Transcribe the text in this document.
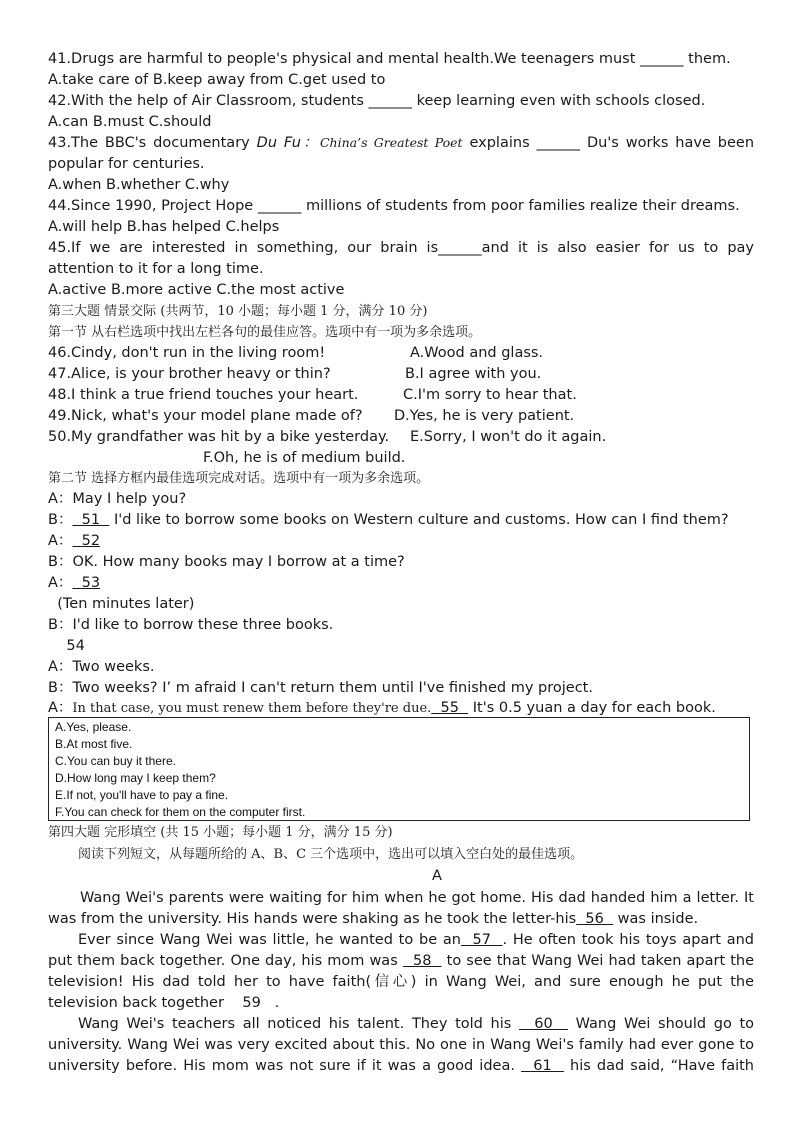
41.Drugs are harmful to people's physical and mental health.We teenagers must ______ them.
A.take care of B.keep away from C.get used to
42.With the help of Air Classroom, students ______ keep learning even with schools closed.
A.can B.must C.should
43.The BBC's documentary Du Fu：China’s Greatest Poet explains ______ Du's works have been
popular for centuries.
A.when B.whether C.why
44.Since 1990, Project Hope ______ millions of students from poor families realize their dreams.
A.will help B.has helped C.helps
45.If we are interested in something, our brain is______and it is also easier for us to pay
attention to it for a long time.
A.active B.more active C.the most active
第三大题 情景交际 (共两节，10 小题；每小题 1 分，满分 10 分)
第一节 从右栏选项中找出左栏各句的最佳应答。选项中有一项为多余选项。
46.Cindy, don't run in the living room!	A.Wood and glass.
47.Alice, is your brother heavy or thin?	B.I agree with you.
48.I think a true friend touches your heart.	C.I'm sorry to hear that.
49.Nick, what's your model plane made of? D.Yes, he is very patient.
50.My grandfather was hit by a bike yesterday. E.Sorry, I won't do it again.
F.Oh, he is of medium build.
第二节 选择方框内最佳选项完成对话。选项中有一项为多余选项。
A：May I help you?
B：  51   I'd like to borrow some books on Western culture and customs. How can I find them?
A：  52
B：OK. How many books may I borrow at a time?
A：  53
(Ten minutes later)
B：I'd like to borrow these three books.
54
A：Two weeks.
B：Two weeks? I’ m afraid I can't return them until I've finished my project.
A：In that case, you must renew them before they're due.  55   It's 0.5 yuan a day for each book.
A.Yes, please.
B.At most five.
C.You can buy it there.
D.How long may I keep them?
E.If not, you'll have to pay a fine.
F.You can check for them on the computer first.
第四大题 完形填空 (共 15 小题；每小题 1 分，满分 15 分)
阅读下列短文，从每题所给的 A、B、C 三个选项中，选出可以填入空白处的最佳选项。
A
Wang Wei's parents were waiting for him when he got home. His dad handed him a letter. It
was from the university. His hands were shaking as he took the letter-his  56   was inside.
Ever since Wang Wei was little, he wanted to be an  57  . He often took his toys apart and
put them back together. One day, his mom was   58   to see that Wang Wei had taken apart the
television! His dad told her to have faith(信心) in Wang Wei, and sure enough he put the
television back together    59   .
Wang Wei's teachers all noticed his talent. They told his   60   Wang Wei should go to
university. Wang Wei was very excited about this. No one in Wang Wei's family had ever gone to
university before. His mom was not sure if it was a good idea.   61   his dad said, “Have faith
